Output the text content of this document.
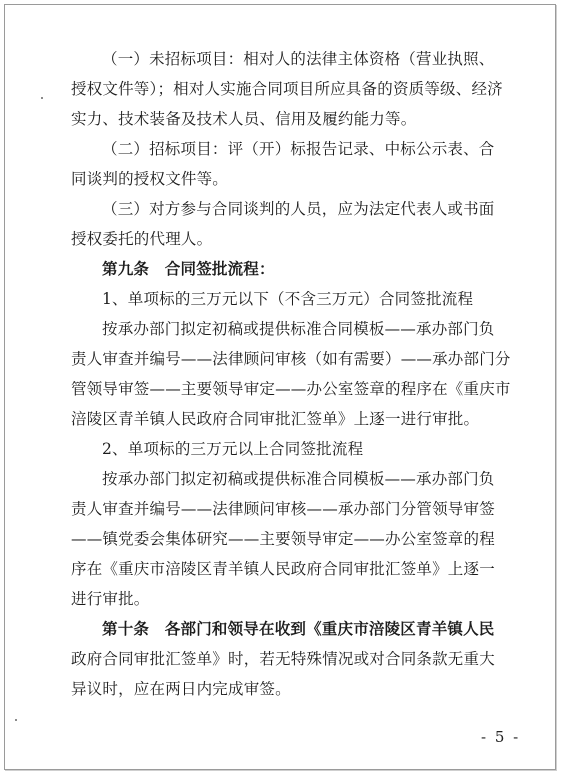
（一）未招标项目：相对人的法律主体资格（营业执照、
授权文件等）；相对人实施合同项目所应具备的资质等级、经济
实力、技术装备及技术人员、信用及履约能力等。
（二）招标项目：评（开）标报告记录、中标公示表、合
同谈判的授权文件等。
（三）对方参与合同谈判的人员，应为法定代表人或书面
授权委托的代理人。
第九条　合同签批流程：
1、单项标的三万元以下（不含三万元）合同签批流程
按承办部门拟定初稿或提供标准合同模板——承办部门负
责人审查并编号——法律顾问审核（如有需要）——承办部门分
管领导审签——主要领导审定——办公室签章的程序在《重庆市
涪陵区青羊镇人民政府合同审批汇签单》上逐一进行审批。
2、单项标的三万元以上合同签批流程
按承办部门拟定初稿或提供标准合同模板——承办部门负
责人审查并编号——法律顾问审核——承办部门分管领导审签
——镇党委会集体研究——主要领导审定——办公室签章的程
序在《重庆市涪陵区青羊镇人民政府合同审批汇签单》上逐一
进行审批。
第十条　各部门和领导在收到《重庆市涪陵区青羊镇人民
政府合同审批汇签单》时，若无特殊情况或对合同条款无重大
异议时，应在两日内完成审签。
- 5 -
